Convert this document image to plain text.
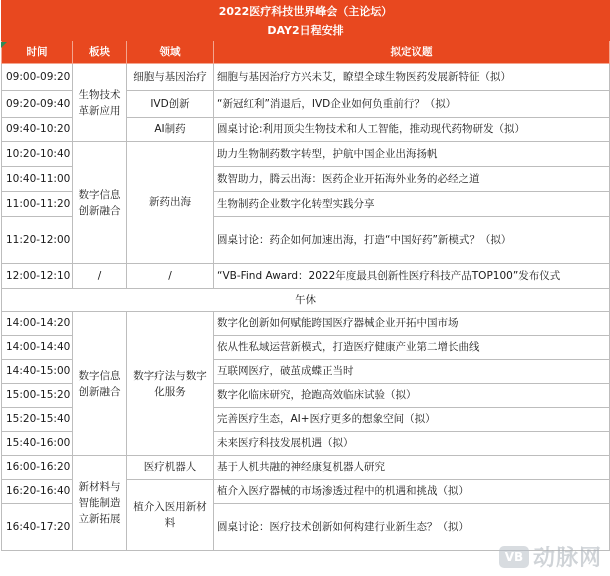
2022医疗科技世界峰会（主论坛）			
DAY2日程安排			
时间	板块	领域	拟定议题
09:00-09:20	生物技术革新应用	细胞与基因治疗	细胞与基因治疗方兴未艾，瞭望全球生物医药发展新特征（拟）
09:20-09:40		IVD创新	“新冠红利”消退后，IVD企业如何负重前行？（拟）
09:40-10:20		AI制药	圆桌讨论:利用顶尖生物技术和人工智能，推动现代药物研发（拟）
10:20-10:40	数字信息创新融合	新药出海	助力生物制药数字转型，护航中国企业出海扬帆
10:40-11:00			数智助力，腾云出海：医药企业开拓海外业务的必经之道
11:00-11:20			生物制药企业数字化转型实践分享
11:20-12:00			圆桌讨论：药企如何加速出海，打造“中国好药”新模式？（拟）
12:00-12:10	/	/	“VB-Find Award：2022年度最具创新性医疗科技产品TOP100”发布仪式
午休			
14:00-14:20	数字信息创新融合	数字疗法与数字化服务	数字化创新如何赋能跨国医疗器械企业开拓中国市场
14:00-14:40			依从性私域运营新模式，打造医疗健康产业第二增长曲线
14:40-15:00			互联网医疗，破茧成蝶正当时
15:00-15:20			数字化临床研究，抢跑高效临床试验（拟）
15:20-15:40			完善医疗生态，AI+医疗更多的想象空间（拟）
15:40-16:00			未来医疗科技发展机遇（拟）
16:00-16:20	新材料与智能制造立新拓展	医疗机器人	基于人机共融的神经康复机器人研究
16:20-16:40		植介入医用新材料	植介入医疗器械的市场渗透过程中的机遇和挑战（拟）
16:40-17:20			圆桌讨论：医疗技术创新如何构建行业新生态？（拟）
VB 动脉网
